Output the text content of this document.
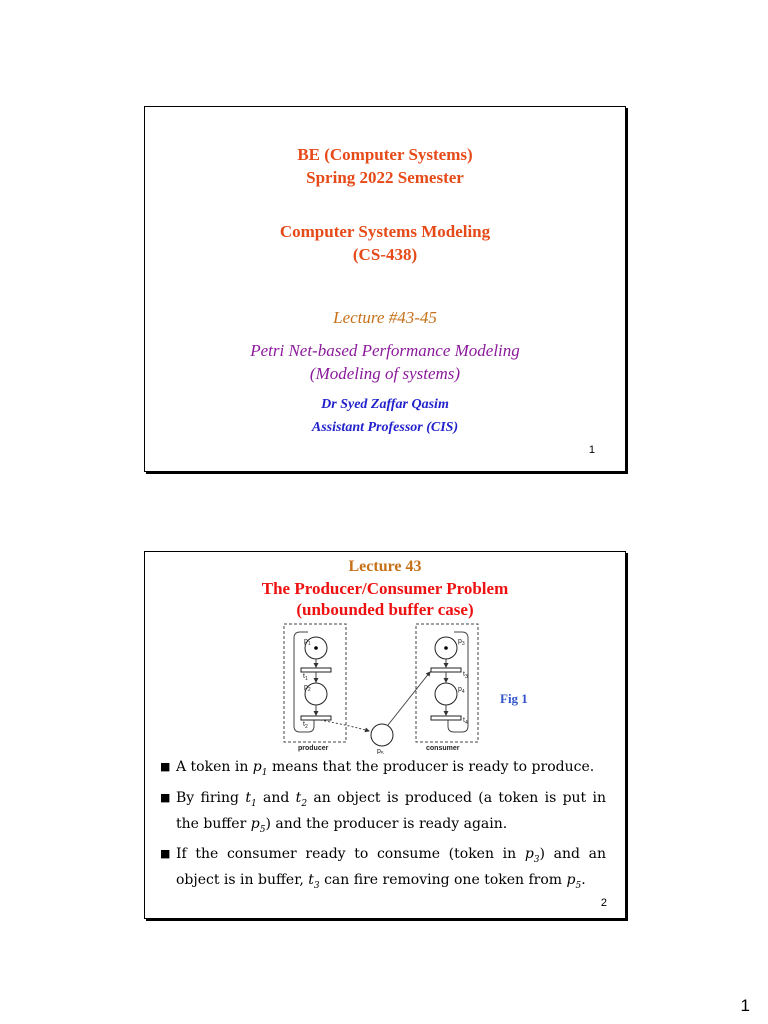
BE (Computer Systems)
Spring 2022 Semester
Computer Systems Modeling
(CS-438)
Lecture #43-45
Petri Net-based Performance Modeling
(Modeling of systems)
Dr Syed Zaffar Qasim
Assistant Professor (CIS)
1
Lecture 43
The Producer/Consumer Problem
(unbounded buffer case)
$p_1$
$t_1$
$p_2$
$t_2$
$p_3$
$t_3$
$p_4$
$t_4$
$p_5$
producer	consumer
Fig 1
■ A token in $p_1$ means that the producer is ready to produce.
■ By firing $t_1$ and $t_2$ an object is produced (a token is put in the buffer $p_5$) and the producer is ready again.
■ If the consumer ready to consume (token in $p_3$) and an object is in buffer, $t_3$ can fire removing one token from $p_5$.
2
1
